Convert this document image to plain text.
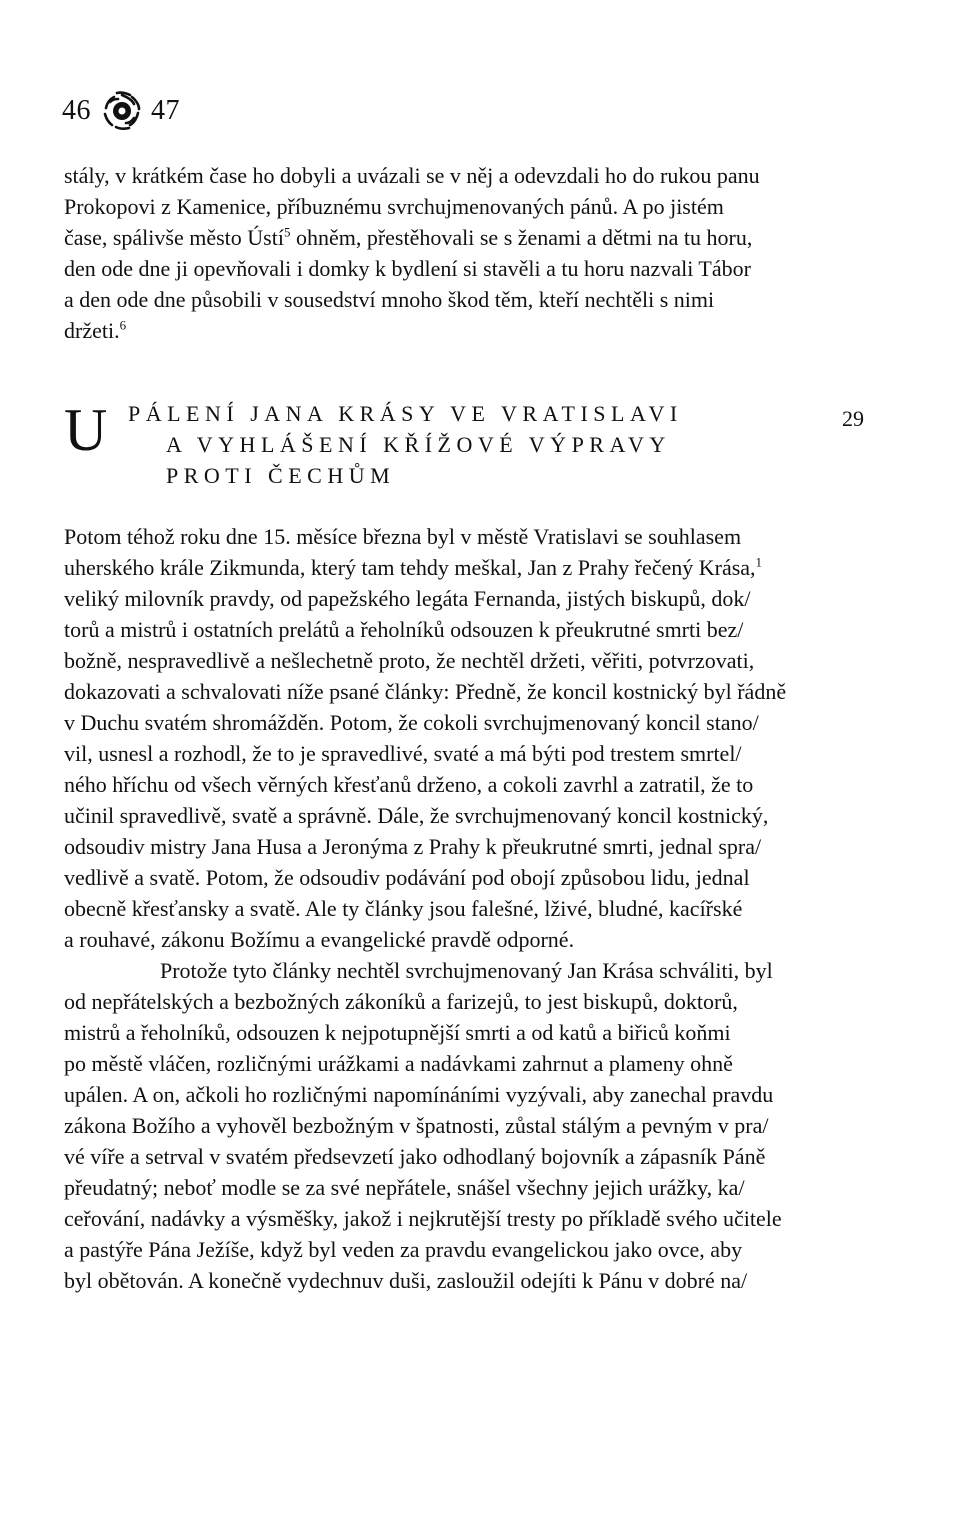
46 47

stály, v krátkém čase ho dobyli a uvázali se v něj a odevzdali ho do rukou panu
Prokopovi z Kamenice, příbuznému svrchujmenovaných pánů. A po jistém
čase, spálivše město Ústí$^5$ ohněm, přestěhovali se s ženami a dětmi na tu horu,
den ode dne ji opevňovali i domky k bydlení si stavěli a tu horu nazvali Tábor
a den ode dne působili v sousedství mnoho škod těm, kteří nechtěli s nimi
držeti.$^6$

U PÁLENÍ JANA KRÁSY VE VRATISLAVI
A VYHLÁŠENÍ KŘÍŽOVÉ VÝPRAVY
PROTI ČECHŮM
29

Potom téhož roku dne 15. měsíce března byl v městě Vratislavi se souhlasem
uherského krále Zikmunda, který tam tehdy meškal, Jan z Prahy řečený Krása,$^1$
veliký milovník pravdy, od papežského legáta Fernanda, jistých biskupů, dok/
torů a mistrů i ostatních prelátů a řeholníků odsouzen k přeukrutné smrti bez/
božně, nespravedlivě a nešlechetně proto, že nechtěl držeti, věřiti, potvrzovati,
dokazovati a schvalovati níže psané články: Předně, že koncil kostnický byl řádně
v Duchu svatém shromážděn. Potom, že cokoli svrchujmenovaný koncil stano/
vil, usnesl a rozhodl, že to je spravedlivé, svaté a má býti pod trestem smrtel/
ného hříchu od všech věrných křesťanů drženo, a cokoli zavrhl a zatratil, že to
učinil spravedlivě, svatě a správně. Dále, že svrchujmenovaný koncil kostnický,
odsoudiv mistry Jana Husa a Jeronýma z Prahy k přeukrutné smrti, jednal spra/
vedlivě a svatě. Potom, že odsoudiv podávání pod obojí způsobou lidu, jednal
obecně křesťansky a svatě. Ale ty články jsou falešné, lživé, bludné, kacířské
a rouhavé, zákonu Božímu a evangelické pravdě odporné.
Protože tyto články nechtěl svrchujmenovaný Jan Krása schváliti, byl
od nepřátelských a bezbožných zákoníků a farizejů, to jest biskupů, doktorů,
mistrů a řeholníků, odsouzen k nejpotupnější smrti a od katů a biřiců koňmi
po městě vláčen, rozličnými urážkami a nadávkami zahrnut a plameny ohně
upálen. A on, ačkoli ho rozličnými napomínáními vyzývali, aby zanechal pravdu
zákona Božího a vyhověl bezbožným v špatnosti, zůstal stálým a pevným v pra/
vé víře a setrval v svatém předsevzetí jako odhodlaný bojovník a zápasník Páně
přeudatný; neboť modle se za své nepřátele, snášel všechny jejich urážky, ka/
ceřování, nadávky a výsměšky, jakož i nejkrutější tresty po příkladě svého učitele
a pastýře Pána Ježíše, když byl veden za pravdu evangelickou jako ovce, aby
byl obětován. A konečně vydechnuv duši, zasloužil odejíti k Pánu v dobré na/
